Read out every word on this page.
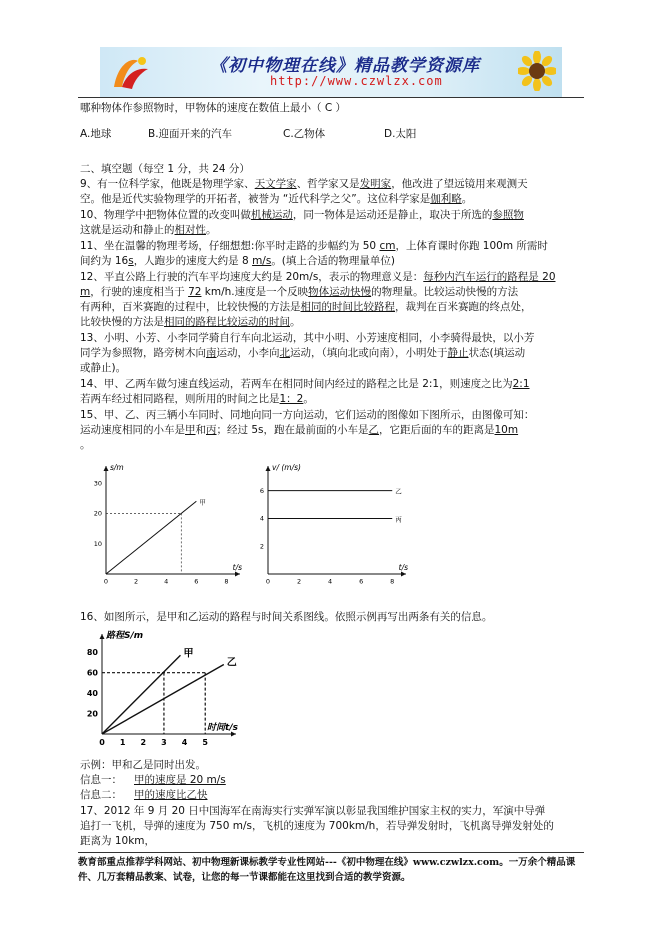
《初中物理在线》精品教学资源库
http://www.czwlzx.com
哪种物体作参照物时，甲物体的速度在数值上最小（ C ）
A.地球	B.迎面开来的汽车	C.乙物体	D.太阳
二、填空题（每空 1 分，共 24 分）
9、有一位科学家，他既是物理学家、天文学家、哲学家又是发明家，他改进了望远镜用来观测天
空。他是近代实验物理学的开拓者，被誉为 “近代科学之父”。这位科学家是伽利略。
10、物理学中把物体位置的改变叫做机械运动，同一物体是运动还是静止，取决于所选的参照物
这就是运动和静止的相对性。
11、坐在温馨的物理考场，仔细想想:你平时走路的步幅约为 50 cm，上体育课时你跑 100m 所需时
间约为 16s，人跑步的速度大约是 8 m/s。(填上合适的物理量单位)
12、平直公路上行驶的汽车平均速度大约是 20m/s，表示的物理意义是：每秒内汽车运行的路程是 20
m，行驶的速度相当于 72 km/h.速度是一个反映物体运动快慢的物理量。比较运动快慢的方法
有两种，百米赛跑的过程中，比较快慢的方法是相同的时间比较路程，裁判在百米赛跑的终点处，
比较快慢的方法是相同的路程比较运动的时间。
13、小明、小芳、小李同学骑自行车向北运动，其中小明、小芳速度相同，小李骑得最快，以小芳
同学为参照物，路旁树木向南运动，小李向北运动，（填向北或向南），小明处于静止状态(填运动
或静止)。
14、甲、乙两车做匀速直线运动，若两车在相同时间内经过的路程之比是 2:1，则速度之比为2:1
若两车经过相同路程，则所用的时间之比是1：2。
15、甲、乙、丙三辆小车同时、同地向同一方向运动，它们运动的图像如下图所示，由图像可知：
运动速度相同的小车是甲和丙；经过 5s，跑在最前面的小车是乙，它距后面的车的距离是10m
。
0	2	4	6	8
10
20
30
s/m
t/s
甲
0	2	4	6	8
2
4
6
v/ (m/s)
t/s
乙
丙
16、如图所示，是甲和乙运动的路程与时间关系图线。依照示例再写出两条有关的信息。
0 1 2 3 4 5
20
40
60
80
路程S/m
时间t/s
甲
乙
示例：甲和乙是同时出发。
信息一： 甲的速度是 20 m/s
信息二： 甲的速度比乙快
17、2012 年 9 月 20 日中国海军在南海实行实弹军演以彰显我国维护国家主权的实力，军演中导弹
追打一飞机，导弹的速度为 750 m/s，飞机的速度为 700km/h，若导弹发射时，飞机离导弹发射处的
距离为 10km，
教育部重点推荐学科网站、初中物理新课标教学专业性网站---《初中物理在线》www.czwlzx.com。一万余个精品课
件、几万套精品教案、试卷，让您的每一节课都能在这里找到合适的教学资源。
